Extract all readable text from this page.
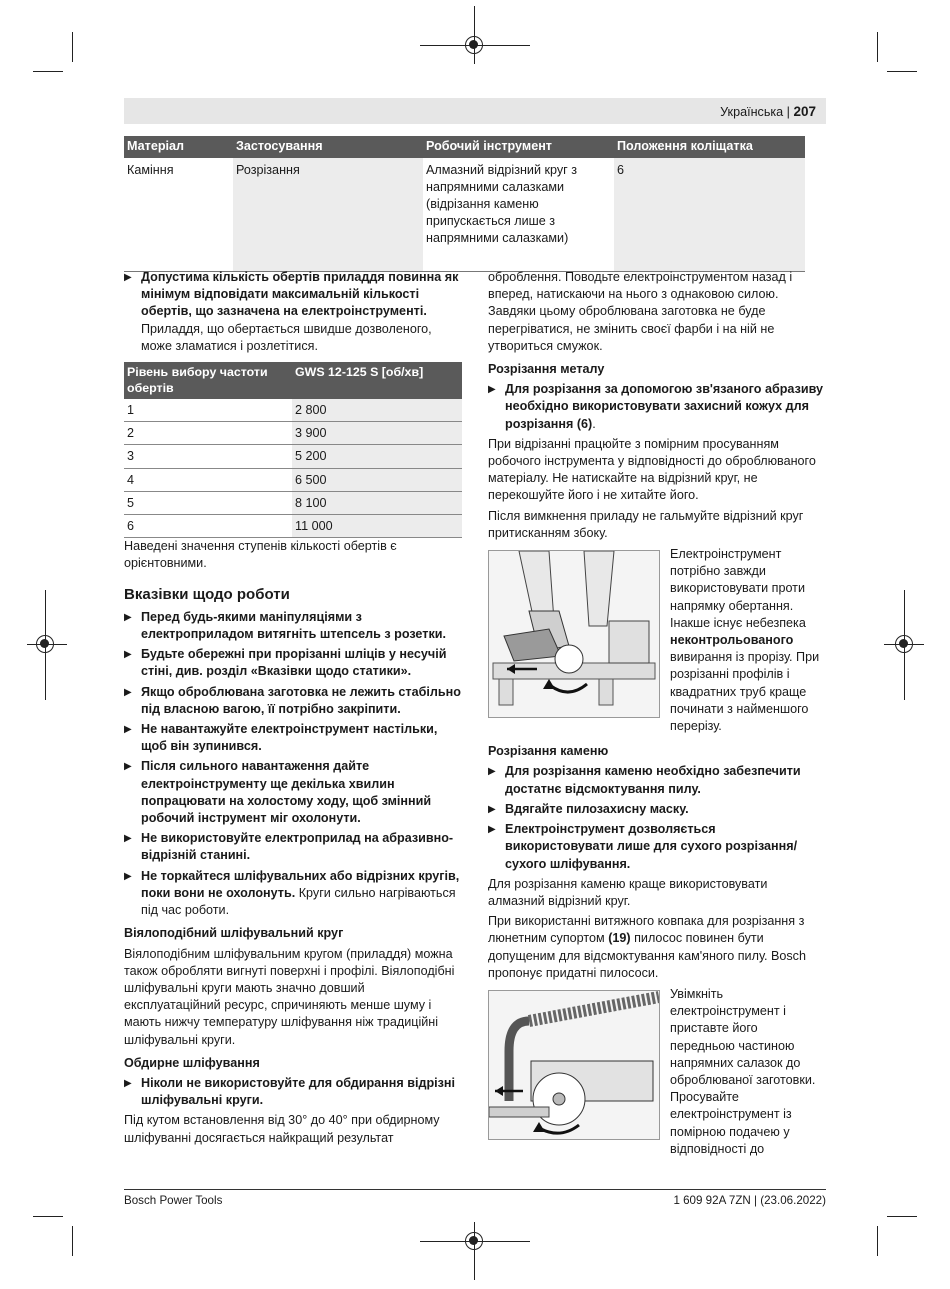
Українська | 207
Матеріал	Застосування	Робочий інструмент	Положення коліщатка
Каміння	Розрізання	Алмазний відрізний круг з напрямними салазками (відрізання каменю припускається лише з напрямними салазками)	6
▶ Допустима кількість обертів приладдя повинна як мінімум відповідати максимальній кількості обертів, що зазначена на електроінструменті.
Приладдя, що обертається швидше дозволеного, може зламатися і розлетітися.
Рівень вибору частоти обертів	GWS 12-125 S [об/хв]
1	2 800
2	3 900
3	5 200
4	6 500
5	8 100
6	11 000

Наведені значення ступенів кількості обертів є орієнтовними.

Вказівки щодо роботи
▶ Перед будь-якими маніпуляціями з електроприладом витягніть штепсель з розетки.
▶ Будьте обережні при прорізанні шліців у несучій стіні, див. розділ «Вказівки щодо статики».
▶ Якщо оброблювана заготовка не лежить стабільно під власною вагою, її потрібно закріпити.
▶ Не навантажуйте електроінструмент настільки, щоб він зупинився.
▶ Після сильного навантаження дайте електроінструменту ще декілька хвилин попрацювати на холостому ходу, щоб змінний робочий інструмент міг охолонути.
▶ Не використовуйте електроприлад на абразивно-відрізній станині.
▶ Не торкайтеся шліфувальних або відрізних кругів, поки вони не охолонуть. Круги сильно нагріваються під час роботи.
Віялоподібний шліфувальний круг

Віялоподібним шліфувальним кругом (приладдя) можна також обробляти вигнуті поверхні і профілі. Віялоподібні шліфувальні круги мають значно довший експлуатаційний ресурс, спричиняють менше шуму і мають нижчу температуру шліфування ніж традиційні шліфувальні круги.

Обдирне шліфування
▶ Ніколи не використовуйте для обдирання відрізні шліфувальні круги.

Під кутом встановлення від 30° до 40° при обдирному шліфуванні досягається найкращий результат

оброблення. Поводьте електроінструментом назад і вперед, натискаючи на нього з однаковою силою. Завдяки цьому оброблювана заготовка не буде перегріватися, не змінить своєї фарби і на ній не утвориться смужок.

Розрізання металу
▶ Для розрізання за допомогою зв'язаного абразиву необхідно використовувати захисний кожух для розрізання (6).

При відрізанні працюйте з помірним просуванням робочого інструмента у відповідності до оброблюваного матеріалу. Не натискайте на відрізний круг, не перекошуйте його і не хитайте його.

Після вимкнення приладу не гальмуйте відрізний круг притисканням збоку.

Електроінструмент потрібно завжди використовувати проти напрямку обертання. Інакше існує небезпека неконтрольованого вивирання із прорізу. При розрізанні профілів і квадратних труб краще починати з найменшого перерізу.
Розрізання каменю
▶ Для розрізання каменю необхідно забезпечити достатнє відсмоктування пилу.
▶ Вдягайте пилозахисну маску.
▶ Електроінструмент дозволяється використовувати лише для сухого розрізання/сухого шліфування.

Для розрізання каменю краще використовувати алмазний відрізний круг.

При використанні витяжного ковпака для розрізання з люнетним супортом (19) пилосос повинен бути допущеним для відсмоктування кам'яного пилу. Bosch пропонує придатні пилососи.

Увімкніть електроінструмент і приставте його передньою частиною напрямних салазок до оброблюваної заготовки. Просувайте електроінструмент із помірною подачею у відповідності до
Bosch Power Tools	1 609 92A 7ZN | (23.06.2022)
